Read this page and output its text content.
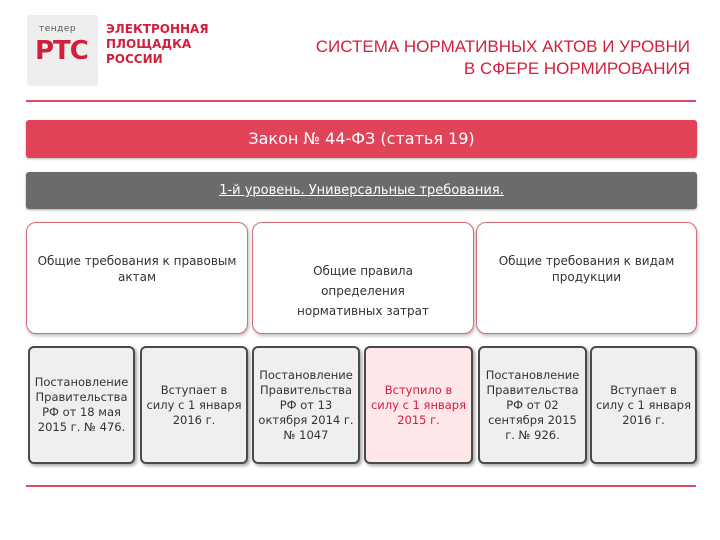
тендер
РТС
ЭЛЕКТРОННАЯ ПЛОЩАДКА РОССИИ
СИСТЕМА НОРМАТИВНЫХ АКТОВ И УРОВНИ
В СФЕРЕ НОРМИРОВАНИЯ
Закон № 44-ФЗ (статья 19)
1-й уровень. Универсальные требования.
Общие требования к правовым актам	Общие правила определения нормативных затрат
Общие требования к видам продукции
Постановление Правительства РФ от 18 мая 2015 г. № 476.
Вступает в силу с 1 января 2016 г.
Постановление Правительства РФ от 13 октября 2014 г. № 1047
Вступило в силу с 1 января 2015 г.
Постановление Правительства РФ от 02 сентября 2015 г. № 926.
Вступает в силу с 1 января 2016 г.
